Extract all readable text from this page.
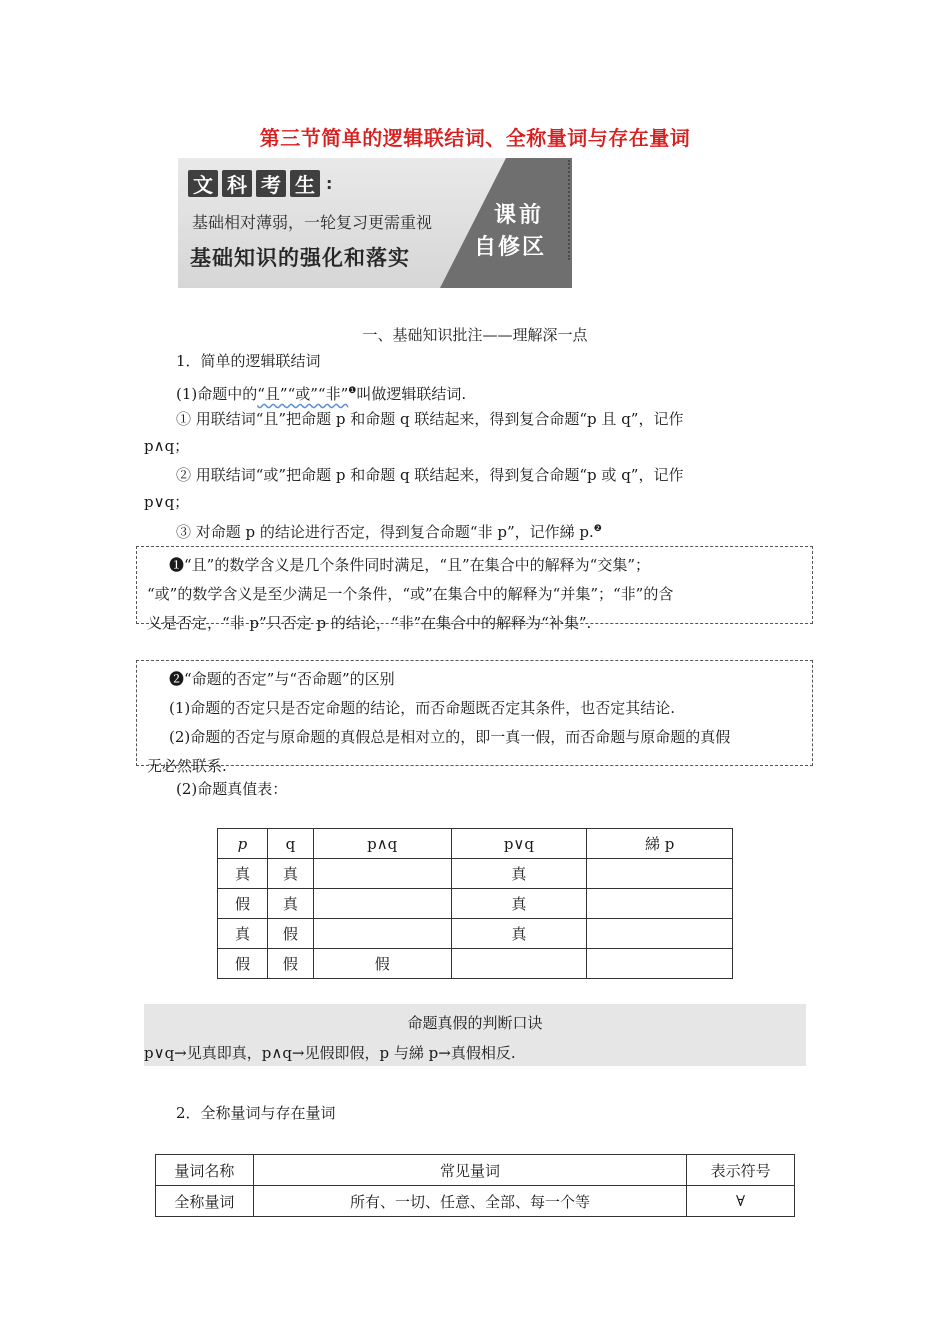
第三节简单的逻辑联结词、全称量词与存在量词
文 科 考 生 :
基础相对薄弱，一轮复习更需重视
基础知识的强化和落实
课前
自修区
一、基础知识批注——理解深一点
1．简单的逻辑联结词
(1)命题中的“且”“或”“非”$^❶$叫做逻辑联结词.
① 用联结词“且”把命题 p 和命题 q 联结起来，得到复合命题“p 且 q”，记作
p∧q；
② 用联结词“或”把命题 p 和命题 q 联结起来，得到复合命题“p 或 q”，记作
p∨q；
③ 对命题 p 的结论进行否定，得到复合命题“非 p”，记作綈 p.$^❷$

❶“且”的数学含义是几个条件同时满足，“且”在集合中的解释为“交集”；

“或”的数学含义是至少满足一个条件，“或”在集合中的解释为“并集”；“非”的含

义是否定，“非 p”只否定 p 的结论，“非”在集合中的解释为“补集”.

❷“命题的否定”与“否命题”的区别

(1)命题的否定只是否定命题的结论，而否命题既否定其条件，也否定其结论.

(2)命题的否定与原命题的真假总是相对立的，即一真一假，而否命题与原命题的真假

无必然联系.

(2)命题真值表：
p	q	p∧q	p∨q	綈 p
真	真		真	
假	真		真	
真	假		真	
假	假	假		
命题真假的判断口诀
p∨q→见真即真，p∧q→见假即假，p 与綈 p→真假相反.
2．全称量词与存在量词
量词名称	常见量词	表示符号
全称量词	所有、一切、任意、全部、每一个等	∀
